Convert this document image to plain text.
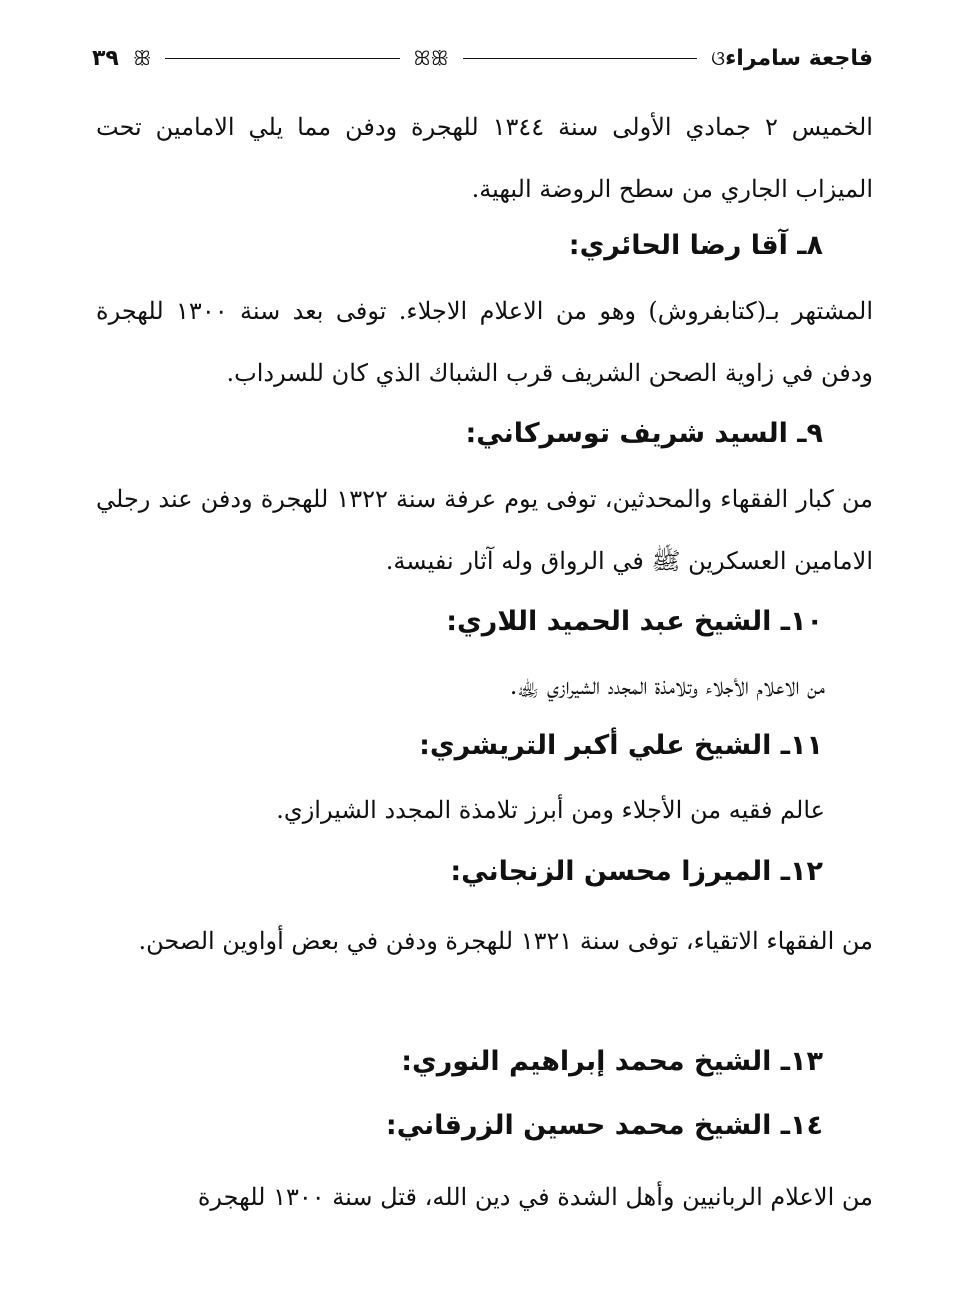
فاجعة سامراء
ଓ
ꕤꕥ
ꕥ
٣٩

الخميس ٢ جمادي الأولى سنة ١٣٤٤ للهجرة ودفن مما يلي الامامين تحت الميزاب الجاري من سطح الروضة البهية.

٨ـ آقا رضا الحائري:

المشتهر بـ(كتابفروش) وهو من الاعلام الاجلاء. توفى بعد سنة ١٣٠٠ للهجرة ودفن في زاوية الصحن الشريف قرب الشباك الذي كان للسرداب.

٩ـ السيد شريف توسركاني:

من كبار الفقهاء والمحدثين، توفى يوم عرفة سنة ١٣٢٢ للهجرة ودفن عند رجلي الامامين العسكرين ﷺ في الرواق وله آثار نفيسة.

١٠ـ الشيخ عبد الحميد اللاري:

من الاعلام الأجلاء وتلامذة المجدد الشيرازي ﵀.

١١ـ الشيخ علي أكبر التريشري:

عالم فقيه من الأجلاء ومن أبرز تلامذة المجدد الشيرازي.

١٢ـ الميرزا محسن الزنجاني:

من الفقهاء الاتقياء، توفى سنة ١٣٢١ للهجرة ودفن في بعض أواوين الصحن.

١٣ـ الشيخ محمد إبراهيم النوري:
١٤ـ الشيخ محمد حسين الزرقاني:

من الاعلام الربانيين وأهل الشدة في دين الله، قتل سنة ١٣٠٠ للهجرة
